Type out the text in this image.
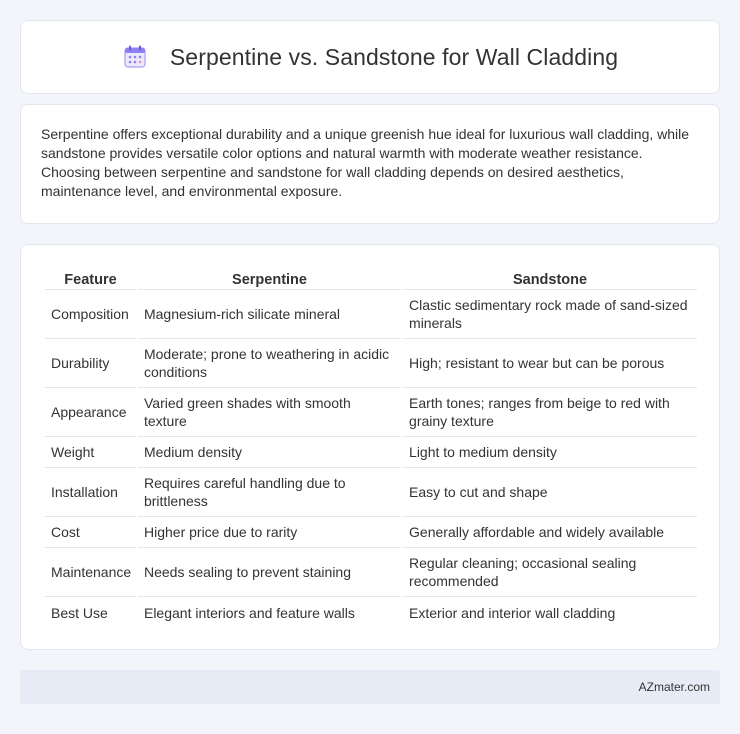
Serpentine vs. Sandstone for Wall Cladding

Serpentine offers exceptional durability and a unique greenish hue ideal for luxurious wall cladding, while sandstone provides versatile color options and natural warmth with moderate weather resistance. Choosing between serpentine and sandstone for wall cladding depends on desired aesthetics, maintenance level, and environmental exposure.

Feature	Serpentine	Sandstone
Composition	Magnesium-rich silicate mineral	Clastic sedimentary rock made of sand-sized minerals
Durability	Moderate; prone to weathering in acidic conditions	High; resistant to wear but can be porous
Appearance	Varied green shades with smooth texture	Earth tones; ranges from beige to red with grainy texture
Weight	Medium density	Light to medium density
Installation	Requires careful handling due to brittleness	Easy to cut and shape
Cost	Higher price due to rarity	Generally affordable and widely available
Maintenance	Needs sealing to prevent staining	Regular cleaning; occasional sealing recommended
Best Use	Elegant interiors and feature walls	Exterior and interior wall cladding
AZmater.com
